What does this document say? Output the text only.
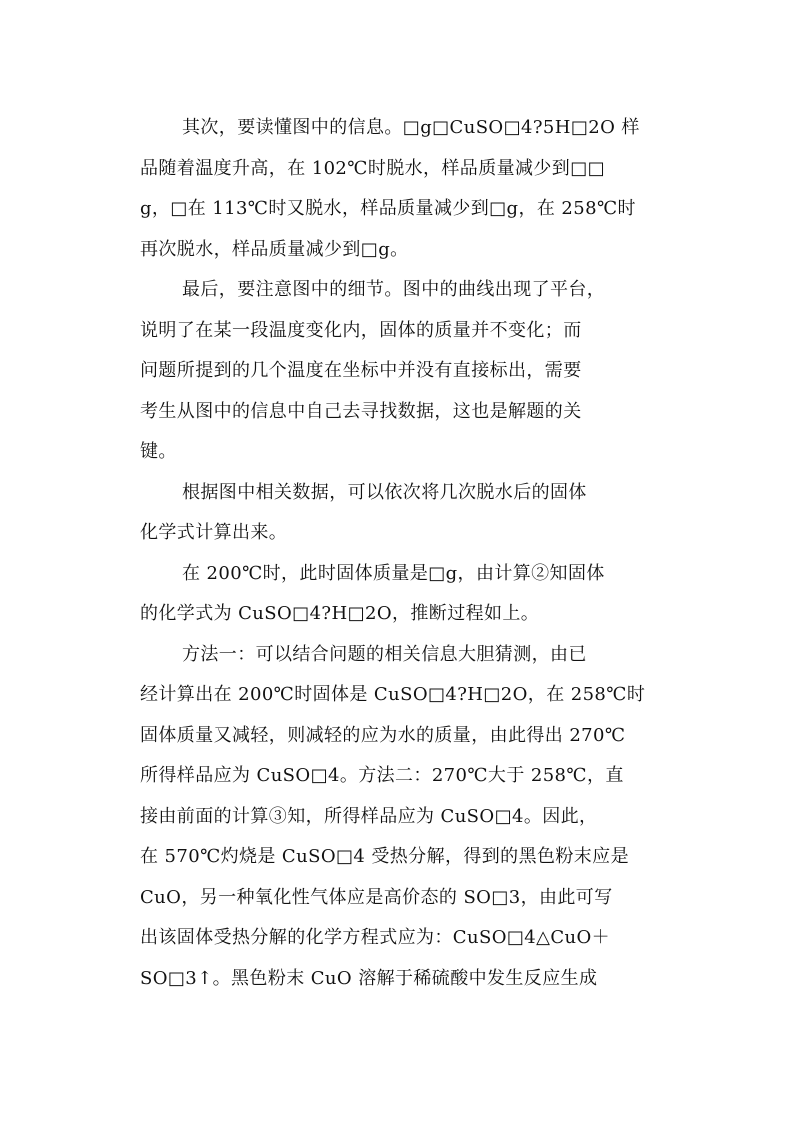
其次，要读懂图中的信息。□g□CuSO□4?5H□2O 样
品随着温度升高，在 102℃时脱水，样品质量减少到□□
g，□在 113℃时又脱水，样品质量减少到□g，在 258℃时
再次脱水，样品质量减少到□g。
最后，要注意图中的细节。图中的曲线出现了平台，
说明了在某一段温度变化内，固体的质量并不变化；而
问题所提到的几个温度在坐标中并没有直接标出，需要
考生从图中的信息中自己去寻找数据，这也是解题的关
键。
根据图中相关数据，可以依次将几次脱水后的固体
化学式计算出来。
在 200℃时，此时固体质量是□g，由计算②知固体
的化学式为 CuSO□4?H□2O，推断过程如上。
方法一：可以结合问题的相关信息大胆猜测，由已
经计算出在 200℃时固体是 CuSO□4?H□2O，在 258℃时
固体质量又减轻，则减轻的应为水的质量，由此得出 270℃
所得样品应为 CuSO□4。方法二：270℃大于 258℃，直
接由前面的计算③知，所得样品应为 CuSO□4。因此，
在 570℃灼烧是 CuSO□4 受热分解，得到的黑色粉末应是
CuO，另一种氧化性气体应是高价态的 SO□3，由此可写
出该固体受热分解的化学方程式应为：CuSO□4△CuO＋
SO□3↑。黑色粉末 CuO 溶解于稀硫酸中发生反应生成
